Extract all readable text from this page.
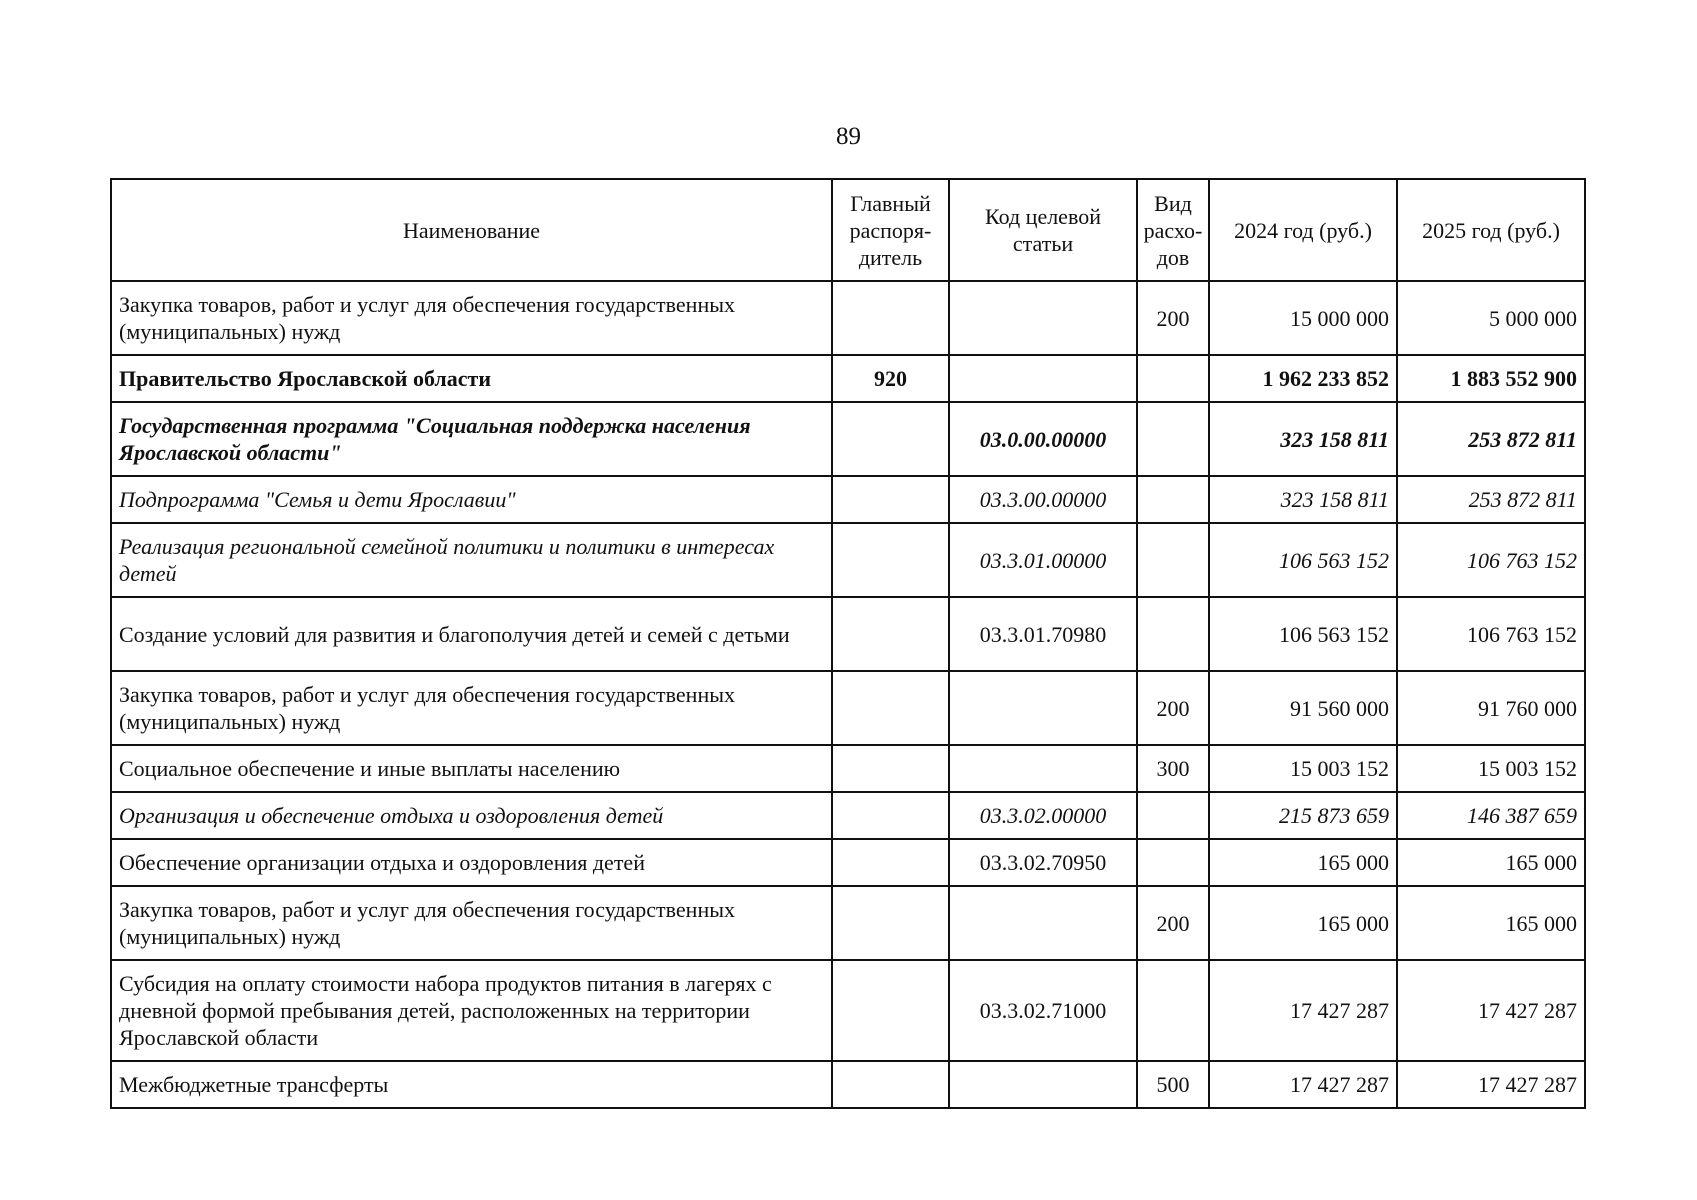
89
Наименование	Главный распоря-дитель	Код целевой статьи	Вид расхо-дов	2024 год (руб.)	2025 год (руб.)
Закупка товаров, работ и услуг для обеспечения государственных (муниципальных) нужд			200	15 000 000	5 000 000
Правительство Ярославской области	920			1 962 233 852	1 883 552 900
Государственная программа "Социальная поддержка населения Ярославской области"		03.0.00.00000		323 158 811	253 872 811
Подпрограмма "Семья и дети Ярославии"		03.3.00.00000		323 158 811	253 872 811
Реализация региональной семейной политики и политики в интересах детей		03.3.01.00000		106 563 152	106 763 152
Создание условий для развития и благополучия детей и семей с детьми		03.3.01.70980		106 563 152	106 763 152
Закупка товаров, работ и услуг для обеспечения государственных (муниципальных) нужд			200	91 560 000	91 760 000
Социальное обеспечение и иные выплаты населению			300	15 003 152	15 003 152
Организация и обеспечение отдыха и оздоровления детей		03.3.02.00000		215 873 659	146 387 659
Обеспечение организации отдыха и оздоровления детей		03.3.02.70950		165 000	165 000
Закупка товаров, работ и услуг для обеспечения государственных (муниципальных) нужд			200	165 000	165 000
Субсидия на оплату стоимости набора продуктов питания в лагерях с дневной формой пребывания детей, расположенных на территории Ярославской области		03.3.02.71000		17 427 287	17 427 287
Межбюджетные трансферты			500	17 427 287	17 427 287
